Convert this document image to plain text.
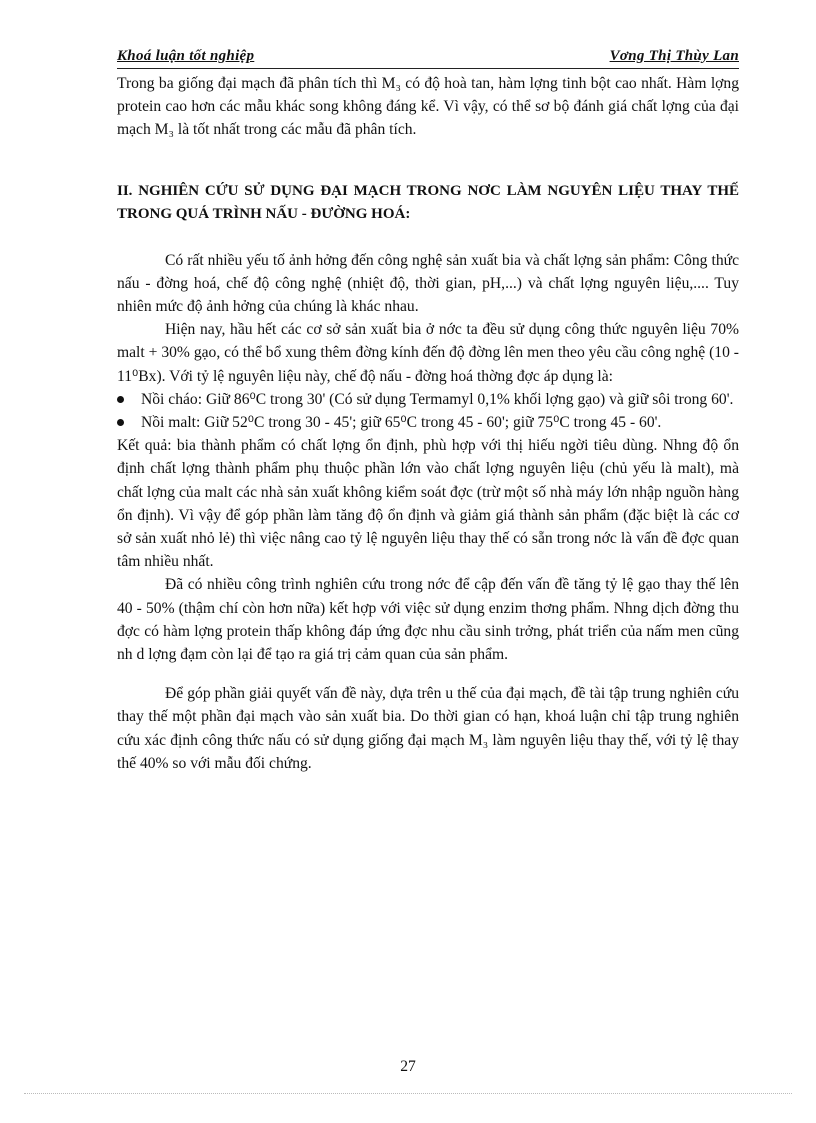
Khoá luận tốt nghiệp	Vơng Thị Thùy Lan

Trong ba giống đại mạch đã phân tích thì M₃ có độ hoà tan, hàm lợng tinh bột cao nhất. Hàm lợng protein cao hơn các mẫu khác song không đáng kể. Vì vậy, có thể sơ bộ đánh giá chất lợng của đại mạch M₃ là tốt nhất trong các mẫu đã phân tích.

II. NGHIÊN CỨU SỬ DỤNG ĐẠI MẠCH TRONG NƠC LÀM NGUYÊN LIỆU THAY THẾ TRONG QUÁ TRÌNH NẤU - ĐƯỜNG HOÁ:

Có rất nhiều yếu tố ảnh hởng đến công nghệ sản xuất bia và chất lợng sản phẩm: Công thức nấu - đờng hoá, chế độ công nghệ (nhiệt độ, thời gian, pH,...) và chất lợng nguyên liệu,.... Tuy nhiên mức độ ảnh hởng của chúng là khác nhau.

Hiện nay, hầu hết các cơ sở sản xuất bia ở nớc ta đều sử dụng công thức nguyên liệu 70% malt + 30% gạo, có thể bổ xung thêm đờng kính đến độ đờng lên men theo yêu cầu công nghệ (10 - 11⁰Bx). Với tỷ lệ nguyên liệu này, chế độ nấu - đờng hoá thờng đợc áp dụng là:

Nồi cháo: Giữ 86⁰C trong 30' (Có sử dụng Termamyl 0,1% khối lợng gạo) và giữ sôi trong 60'.
Nồi malt: Giữ 52⁰C trong 30 - 45'; giữ 65⁰C trong 45 - 60'; giữ 75⁰C trong 45 - 60'.

Kết quả: bia thành phẩm có chất lợng ổn định, phù hợp với thị hiếu ngời tiêu dùng. Nhng độ ổn định chất lợng thành phẩm phụ thuộc phần lớn vào chất lợng nguyên liệu (chủ yếu là malt), mà chất lợng của malt các nhà sản xuất không kiểm soát đợc (trừ một số nhà máy lớn nhập nguồn hàng ổn định). Vì vậy để góp phần làm tăng độ ổn định và giảm giá thành sản phẩm (đặc biệt là các cơ sở sản xuất nhỏ lẻ) thì việc nâng cao tỷ lệ nguyên liệu thay thế có sẵn trong nớc là vấn đề đợc quan tâm nhiều nhất.

Đã có nhiều công trình nghiên cứu trong nớc để cập đến vấn đề tăng tỷ lệ gạo thay thế lên 40 - 50% (thậm chí còn hơn nữa) kết hợp với việc sử dụng enzim thơng phẩm. Nhng dịch đờng thu đợc có hàm lợng protein thấp không đáp ứng đợc nhu cầu sinh trởng, phát triển của nấm men cũng nh d lợng đạm còn lại để tạo ra giá trị cảm quan của sản phẩm.

Để góp phần giải quyết vấn đề này, dựa trên u thế của đại mạch, đề tài tập trung nghiên cứu thay thế một phần đại mạch vào sản xuất bia. Do thời gian có hạn, khoá luận chỉ tập trung nghiên cứu xác định công thức nấu có sử dụng giống đại mạch M₃ làm nguyên liệu thay thế, với tỷ lệ thay thế 40% so với mẫu đối chứng.

27
